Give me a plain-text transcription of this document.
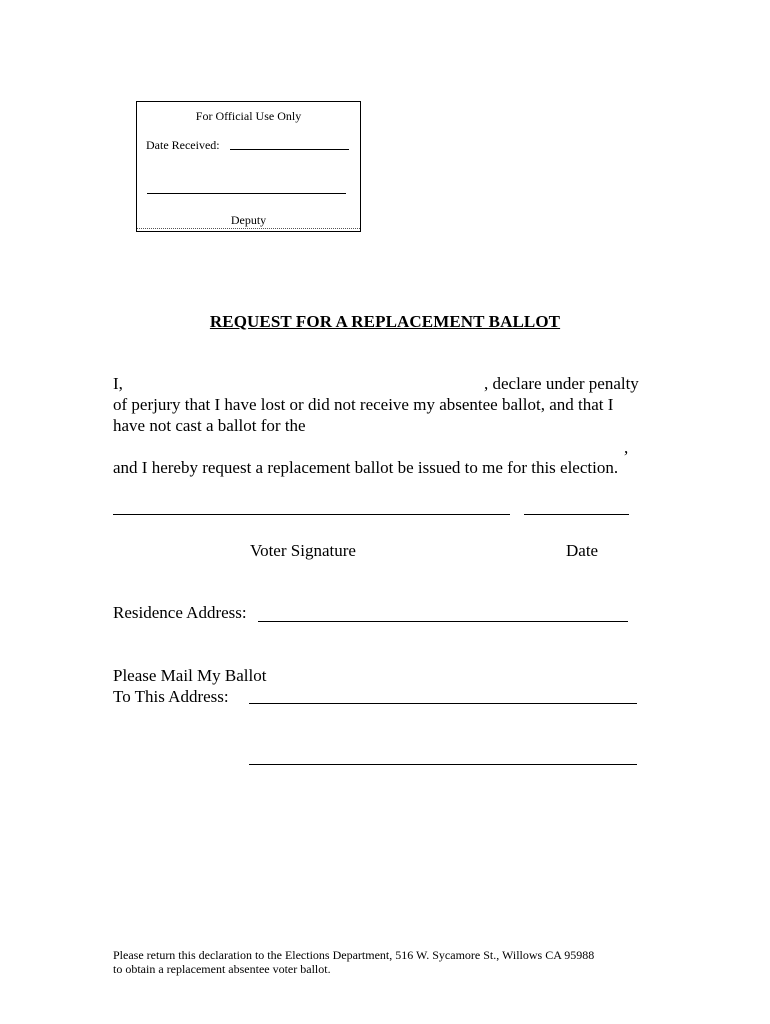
For Official Use Only
Date Received:
Deputy
REQUEST FOR A REPLACEMENT BALLOT
I,	, declare under penalty
of perjury that I have lost or did not receive my absentee ballot, and that I
have not cast a ballot for the
,
and I hereby request a replacement ballot be issued to me for this election.
Voter Signature	Date
Residence Address:
Please Mail My Ballot
To This Address:
Please return this declaration to the Elections Department, 516 W. Sycamore St., Willows CA 95988
to obtain a replacement absentee voter ballot.
